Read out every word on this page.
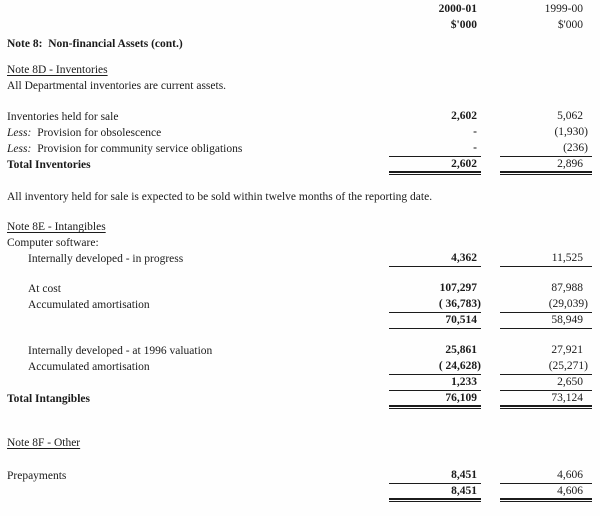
2000-01	1999-00
$'000	$'000
Note 8:  Non-financial Assets (cont.)
Note 8D - Inventories
All Departmental inventories are current assets.
Inventories held for sale	2,602	5,062
Less: Provision for obsolescence	-	(1,930)
Less: Provision for community service obligations	-	(236)
Total Inventories	2,602	2,896
All inventory held for sale is expected to be sold within twelve months of the reporting date.
Note 8E - Intangibles
Computer software:
Internally developed - in progress	4,362	11,525
At cost	107,297	87,988
Accumulated amortisation	( 36,783)	(29,039)
70,514	58,949
Internally developed - at 1996 valuation	25,861	27,921
Accumulated amortisation	( 24,628)	(25,271)
1,233	2,650
Total Intangibles	76,109	73,124
Note 8F - Other
Prepayments	8,451	4,606
8,451	4,606
